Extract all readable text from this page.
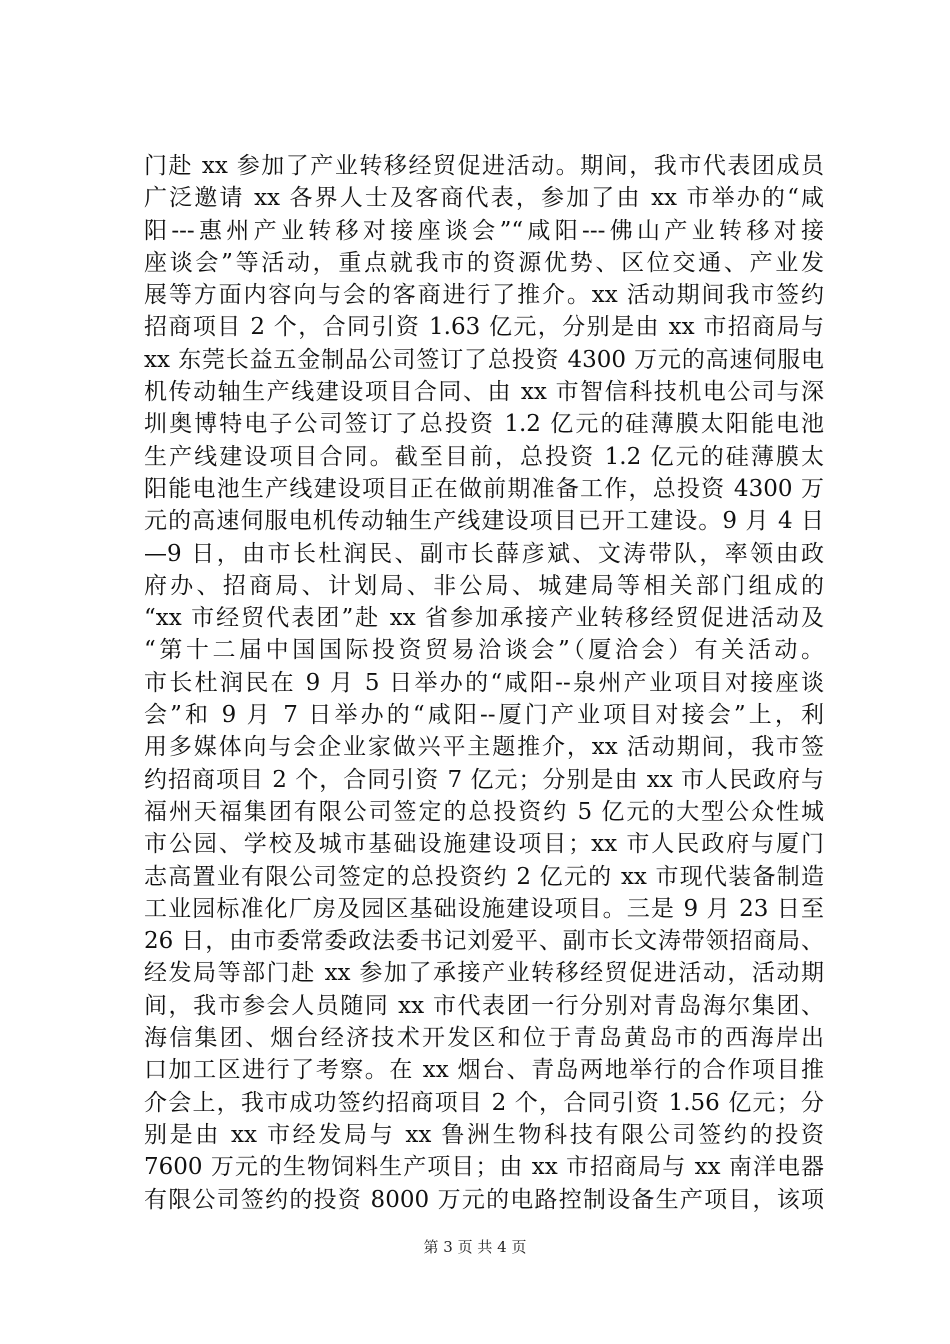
门赴 xx 参加了产业转移经贸促进活动。期间，我市代表团成员
广泛邀请 xx 各界人士及客商代表，参加了由 xx 市举办的“咸
阳---惠州产业转移对接座谈会”“咸阳---佛山产业转移对接
座谈会”等活动，重点就我市的资源优势、区位交通、产业发
展等方面内容向与会的客商进行了推介。xx 活动期间我市签约
招商项目 2 个，合同引资 1.63 亿元，分别是由 xx 市招商局与
xx 东莞长益五金制品公司签订了总投资 4300 万元的高速伺服电
机传动轴生产线建设项目合同、由 xx 市智信科技机电公司与深
圳奥博特电子公司签订了总投资 1.2 亿元的硅薄膜太阳能电池
生产线建设项目合同。截至目前，总投资 1.2 亿元的硅薄膜太
阳能电池生产线建设项目正在做前期准备工作，总投资 4300 万
元的高速伺服电机传动轴生产线建设项目已开工建设。9 月 4 日
—9 日，由市长杜润民、副市长薛彦斌、文涛带队，率领由政
府办、招商局、计划局、非公局、城建局等相关部门组成的
“xx 市经贸代表团”赴 xx 省参加承接产业转移经贸促进活动及
“第十二届中国国际投资贸易洽谈会”（厦洽会）有关活动。
市长杜润民在 9 月 5 日举办的“咸阳--泉州产业项目对接座谈
会”和 9 月 7 日举办的“咸阳--厦门产业项目对接会”上，利
用多媒体向与会企业家做兴平主题推介，xx 活动期间，我市签
约招商项目 2 个，合同引资 7 亿元；分别是由 xx 市人民政府与
福州天福集团有限公司签定的总投资约 5 亿元的大型公众性城
市公园、学校及城市基础设施建设项目；xx 市人民政府与厦门
志高置业有限公司签定的总投资约 2 亿元的 xx 市现代装备制造
工业园标准化厂房及园区基础设施建设项目。三是 9 月 23 日至
26 日，由市委常委政法委书记刘爱平、副市长文涛带领招商局、
经发局等部门赴 xx 参加了承接产业转移经贸促进活动，活动期
间，我市参会人员随同 xx 市代表团一行分别对青岛海尔集团、
海信集团、烟台经济技术开发区和位于青岛黄岛市的西海岸出
口加工区进行了考察。在 xx 烟台、青岛两地举行的合作项目推
介会上，我市成功签约招商项目 2 个，合同引资 1.56 亿元；分
别是由 xx 市经发局与 xx 鲁洲生物科技有限公司签约的投资
7600 万元的生物饲料生产项目；由 xx 市招商局与 xx 南洋电器
有限公司签约的投资 8000 万元的电路控制设备生产项目，该项
第 3 页 共 4 页
